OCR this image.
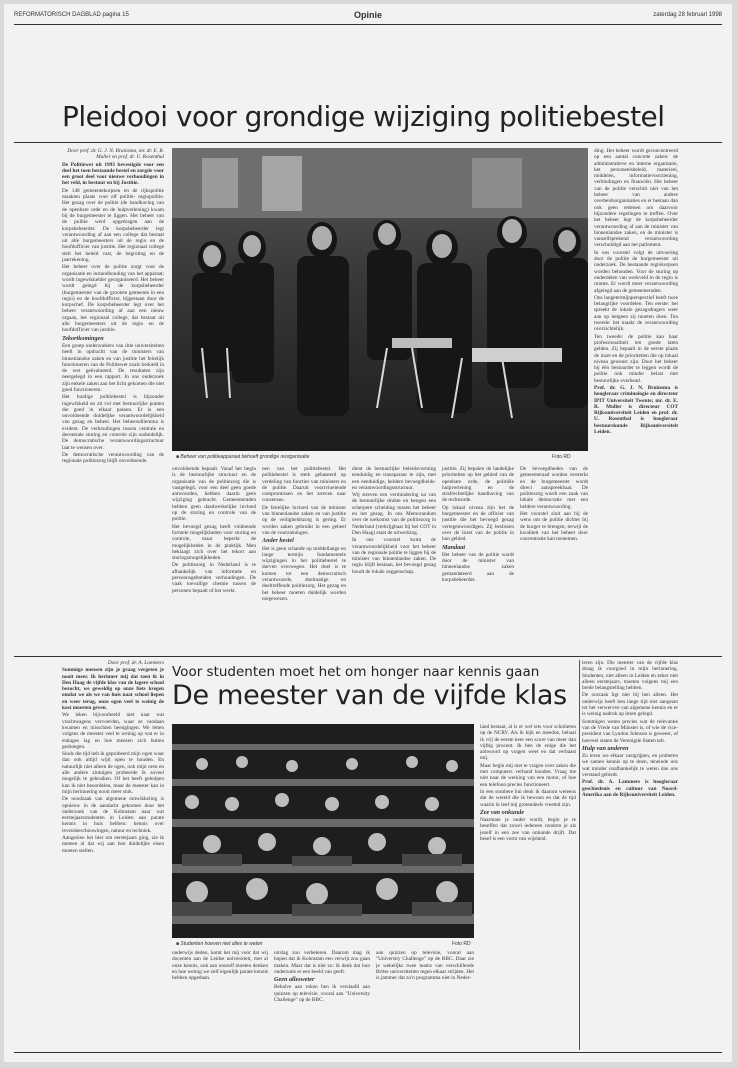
REFORMATORISCH DAGBLAD pagina 15	Opinie	zaterdag 28 februari 1998
Pleidooi voor grondige wijziging politiebestel

Door prof. dr. G. J. N. Bruinsma, mr. dr. E. R. Muller en prof. dr. U. Rosenthal

De Politiewet uit 1993 bevestigde voor een deel het toen bestaande bestel en zorgde voor een groot deel voor nieuwe verhoudingen in het veld, in bestuur en bij Justitie.

De 148 gemeentekorpsen en de rijkspolitie maakten plaats voor elf politie- regiopolitie. Het gezag over de politie (de handhaving van de openbare orde en de hulpverlening) kwam bij de burgemeester te liggen. Het beheer van de politie werd opgedragen aan de korpsbeheerder. De korpsbeheerder legt verantwoording af aan een college dat bestaat uit alle burgemeesters uit de regio en de hoofdofficier van justitie. Het regionaal college stelt het beleid vast, de begroting en de jaarrekening.

Het beheer over de politie zorgt voor de organisatie en instandhouding van het apparaat; wordt ingewikkelder georganiseerd. Het beheer wordt gelegd bij de korpsbeheerder (burgemeester van de grootste gemeente in een regio) en de hoofdofficier, bijgestaan door de korpschef. De korpsbeheerder legt over het beheer verantwoording af aan een nieuw orgaan, het regionaal college, dat bestaat uit alle burgemeesters uit de regio en de hoofdofficier van justitie.

Tekortkomingen

Een groep onderzoekers van drie universiteiten heeft in opdracht van de ministers van binnenlandse zaken en van justitie het feitelijk functioneren van de Politiewet zoals bedoeld in de wet geëvalueerd. De resultaten zijn neergelegd in een rapport. In ons onderzoek zijn enkele zaken aan het licht gekomen die niet goed functioneren.

Het huidige politiebestel is bijzonder ingewikkeld en zit vol met bestuurlijke punten die goed in elkaar passen. Er is een onvoldoende duidelijke verantwoordelijkheid van gezag en beheer. Het beheersdilemma is evident. De verhoudingen tussen centrale en decentrale sturing en controle zijn onduidelijk. De democratische verantwoordingsstructuur laat te wensen over.

De democratische verantwoording van de regionale politiezorg blijft onvoldoende.

■ Beheer van politieapparaat behoeft grondige reorganisatie	Foto RD

ding. Het beheer wordt geconcentreerd op een aantal concrete zaken: de administratieve en interne organisatie, het personeelsbeleid, materieel, middelen, informatievoorziening, verbindingen en financiën. Het beheer van de politie verschilt niet van het beheer van andere overheidsorganisaties en er bestaan dan ook geen redenen om daarvoor bijzondere regelingen te treffen. Over het beheer legt de korpsbeheerder verantwoording af aan de minister van binnenlandse zaken, en de minister is vanzelfsprekend verantwoording verschuldigd aan het parlement.

In ons voorstel volgt de uitvoering door de politie de burgemeester uit onderzoek. De bestaande regiokorpsen worden behouden. Voor de sturing op onderdelen van werkveld in de regio is ruimte. Er wordt meer verantwoording afgelegd aan de gemeenteraden.

Ons langetermijnperspectief heeft twee belangrijke voordelen. Ten eerste: het spreekt de lokale gezagsdragers weer aan op hetgeen zij moeten doen. Ten tweede: het maakt de verantwoording overzichtelijk.

Ten tweede: de politie kan haar professionaliteit ten goede laten gelden. Zij bepaalt in de eerste plaats de inzet en de prioriteiten die op lokaal niveau gewenst zijn. Door het beheer bij één bestuurder te leggen wordt de politie ook minder belast met bestuurlijke overhead.

Prof. dr. G. J. N. Bruinsma is hoogleraar criminologie en directeur IPIT Universiteit Twente; mr. dr. E. R. Muller is directeur COT Rijksuniversiteit Leiden en prof. dr. U. Rosenthal is hoogleraar bestuurskunde Rijksuniversiteit Leiden.

onvoldoende bepaalt. Vanaf het begin is de bestuurlijke structuur en de organisatie van de politiezorg die is vastgelegd, voor een deel geen goede antwoorden, hebben daarin geen wijziging gebracht. Gemeenteraden hebben geen daadwerkelijke invloed op de sturing en controle van de politie.

Het bevoegd gezag heeft voldoende formele mogelijkheden voor sturing en controle, maar beperkt de mogelijkheden in de praktijk. Men beklaagt zich over het tekort aan sturingsmogelijkheden.

De politiezorg in Nederland is te afhankelijk van informele en persoonsgebonden verhoudingen. De vaak toevallige chemie tussen de personen bepaalt of het werkt.

nen van het politiebestel. Het politiebestel is sterk gebaseerd op verdeling van functies van ministers en de politie. Daaruit voortvloeiende compromissen en het streven naar consensus.

De feitelijke invloed van de minister van binnenlandse zaken en van justitie op de veiligheidszorg is gering. Er worden zaken gebruikt in een geheel van de voorzieningen.

Ander bestel

Het is geen schande op middellange en lange termijn fundamentele wijzigingen in het politiebestel te durven overwegen. Het doel is te komen tot een democratisch verantwoorde, doelmatige en doeltreffende politiezorg. Het gezag en het beheer moeten duidelijk worden toegewezen.

dient de bestuurlijke beleidsvorming eenduidig en transparant te zijn, met een eenduidige, heldere bevoegdheids- en verantwoordingsstructuur.

Wij streven een vermindering na van de bestuurlijke drukte en beogen een scherpere scheiding tussen het beheer en het gezag. In ons Memorandum over de toekomst van de politiezorg in Nederland (verkrijgbaar bij het COT in Den Haag) staat de uitwerking.

In ons voorstel komt de verantwoordelijkheid voor het beheer van de regionale politie te liggen bij de minister van binnenlandse zaken. De regio blijft bestaan, het bevoegd gezag houdt de lokale zeggenschap.

justitie. Zij bepalen de landelijke prioriteiten op het gebied van de openbare orde, de politiële hulpverlening en de strafrechtelijke handhaving van de rechtsorde.

Op lokaal niveau zijn het de burgemeester en de officier van justitie die het bevoegd gezag vertegenwoordigen. Zij beslissen over de inzet van de politie in hun gebied.

Mandaat

Het beheer van de politie wordt door de minister van binnenlandse zaken gemandateerd aan de korpsbeheerder.

De bevoegdheden van de gemeenteraad worden versterkt en de burgemeester wordt direct aanspreekbaar. De politiezorg wordt een zaak van lokale democratie met een heldere verantwoording.

Het voorstel sluit aan bij de wens om de politie dichter bij de burger te brengen, terwijl de kwaliteit van het beheer door concentratie kan toenemen.

Door prof. dr. A. Lammers

Sommige mensen zijn je graag vergeten je nooit meer. Ik herinner mij dat toen ik in Den Haag de vijfde klas van de lagere school bezocht, we geweldig op onze fiets kregen omdat we als we van huis naar school liepen en weer terug, onze ogen veel te weinig de kost moesten geven.

We leken bijvoorbeeld niet naar wat vrachtwagens vervoerden, waar ze vandaan kwamen en misschien heengingen. We letten volgens de meester veel te weinig op wat er in etalages lag en hoe mensen zich buiten gedroegen.

Sinds die tijd heb ik geprobeerd mijn ogen waar dan ook altijd wijd open te houden. En natuurlijk niet alleen de ogen, ook mijn oren en alle andere zintuigen probeerde ik zoveel mogelijk te gebruiken. Of het heeft geholpen kan ik niet beoordelen, maar de meester kan in mijn herinnering nooit meer stuk.

De noodzaak van algemene ontwikkeling is opnieuw in de aandacht gekomen door het onderzoek van de Kohnstam naar wat eerstejaarsstudenten in Leiden aan parate kennis in huis hebben: kennis over levensbeschouwingen, natuur en techniek.

Aangezien het hier om eerstejaars ging, zie ik meteen al dat wij aan hen duidelijke eisen moeten stellen.

Voor studenten moet het om honger naar kennis gaan
De meester van de vijfde klas
■ Studenten hoeven niet alles te weten	Foto RD

land bestaat, al is er wel iets voor scholieren op de NCRV. Als ik kijk en meedoe, behaal ik vrij de eerste keer een score van meer dan vijftig procent. Ik ben de enige die het antwoord op vragen weet en dat verbaast mij.

Maar begin mij niet te vragen over zaken die met computers verband houden. Vraag me niet naar de werking van een motor, of hoe een telefoon precies functioneert.

In een sombere bui denk ik daarom weleens dat de wereld die ik bewoon en dat de tijd waarin ik leef mij grotendeels vreemd zijn.

Zee van onkunde

Naarmate je ouder wordt, begin je te beseffen dat zowel iedereen rondom je als jezelf in een zee van onkunde drijft. Dat besef is een vorm van wijsheid.

leren zijn. Die meester van de vijfde klas draag ik voorgoed in mijn herinnering. Studenten, niet alleen in Leiden en zeker niet alleen eerstejaars, moeten volgens mij een brede belangstelling hebben.

De oorzaak ligt niet bij hen alleen. Het onderwijs heeft hen lange tijd niet aangezet tot het verwerven van algemene kennis en er is weinig nadruk op lezen gelegd.

Sommigen weten precies wat de relevantie van de Vrede van Münster is, of wie de vice-president van Lyndon Johnson is geweest, of hoeveel staten de Verenigde Staten telt.

Hulp van anderen

Zo leren we elkaar vastgrijpen, en proberen we samen kennis op te doen, teneinde ons wat minder onafhankelijk te weten dan ons verstand gebiedt.

Prof. dr. A. Lammers is hoogleraar geschiedenis en cultuur van Noord-Amerika aan de Rijksuniversiteit Leiden.

onderwijs deden, komt het mij voor dat wij docenten aan de Leidse universiteit, met al onze kennis, ook aan onszelf moeten denken en hoe weinig we zelf eigenlijk parate kennis hebben opgedaan.

uitslag zou verbeteren. Daarom mag ik hopen dat ik Kohnstam een verwijt zou gaan maken. Maar dat is niet zo: ik denk dat hun onderzoek er een beeld van geeft.

Geen allesweter

Behalve aan roken ben ik verslaafd aan quizzen op televisie, vooral aan "University Challenge" op de BBC.

aan quizzen op televisie, vooral aan "University Challenge" op de BBC. Daar zie je wekelijks twee teams van verschillende Britse universiteiten tegen elkaar strijden. Het is jammer dat zo'n programma niet in Neder-
